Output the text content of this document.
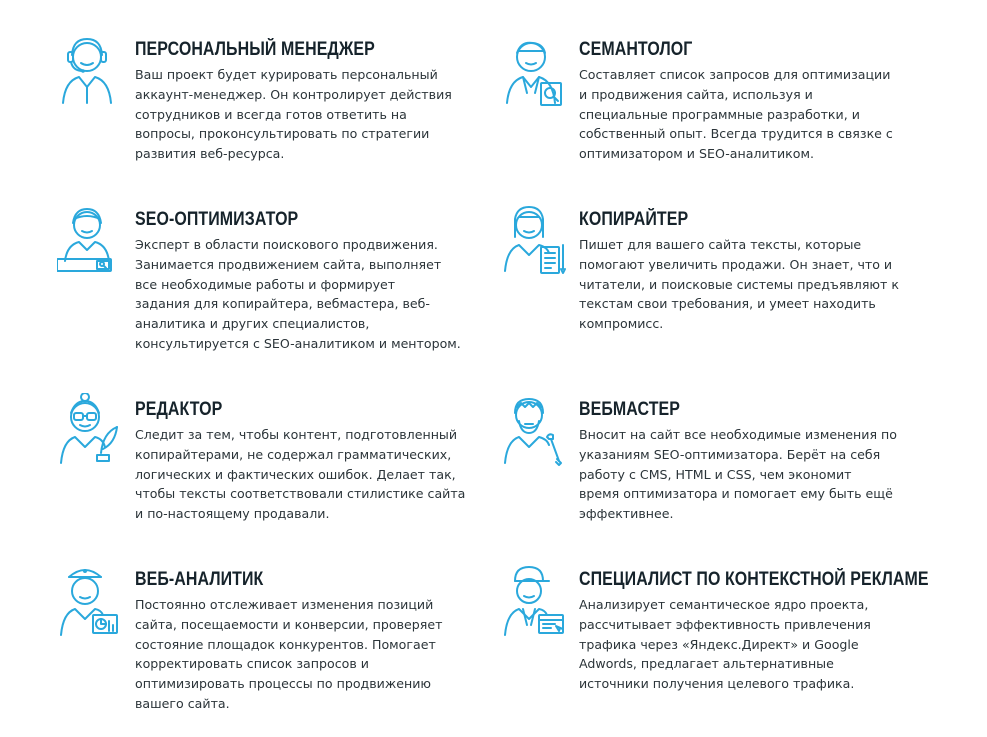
ПЕРСОНАЛЬНЫЙ МЕНЕДЖЕР
Ваш проект будет курировать персональный
аккаунт-менеджер. Он контролирует действия
сотрудников и всегда готов ответить на
вопросы, проконсультировать по стратегии
развития веб-ресурса.
СЕМАНТОЛОГ
Составляет список запросов для оптимизации
и продвижения сайта, используя и
специальные программные разработки, и
собственный опыт. Всегда трудится в связке с
оптимизатором и SEO-аналитиком.
SEO-ОПТИМИЗАТОР
Эксперт в области поискового продвижения.
Занимается продвижением сайта, выполняет
все необходимые работы и формирует
задания для копирайтера, вебмастера, веб-
аналитика и других специалистов,
консультируется с SEO-аналитиком и ментором.
КОПИРАЙТЕР
Пишет для вашего сайта тексты, которые
помогают увеличить продажи. Он знает, что и
читатели, и поисковые системы предъявляют к
текстам свои требования, и умеет находить
компромисс.
РЕДАКТОР
Следит за тем, чтобы контент, подготовленный
копирайтерами, не содержал грамматических,
логических и фактических ошибок. Делает так,
чтобы тексты соответствовали стилистике сайта
и по-настоящему продавали.
ВЕБМАСТЕР
Вносит на сайт все необходимые изменения по
указаниям SEO-оптимизатора. Берёт на себя
работу с CMS, HTML и CSS, чем экономит
время оптимизатора и помогает ему быть ещё
эффективнее.
ВЕБ-АНАЛИТИК
Постоянно отслеживает изменения позиций
сайта, посещаемости и конверсии, проверяет
состояние площадок конкурентов. Помогает
корректировать список запросов и
оптимизировать процессы по продвижению
вашего сайта.
СПЕЦИАЛИСТ ПО КОНТЕКСТНОЙ РЕКЛАМЕ
Анализирует семантическое ядро проекта,
рассчитывает эффективность привлечения
трафика через «Яндекс.Директ» и Google
Adwords, предлагает альтернативные
источники получения целевого трафика.
